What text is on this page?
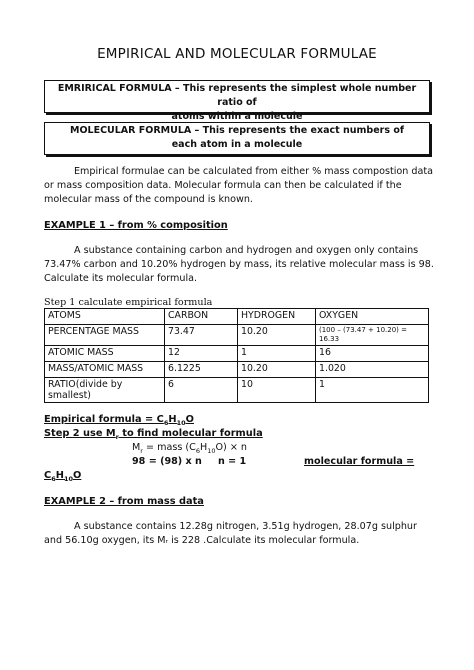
EMPIRICAL AND MOLECULAR FORMULAE
EMRIRICAL FORMULA – This represents the simplest whole number ratio of
atoms within a molecule
MOLECULAR FORMULA – This represents the exact numbers of
each atom in a molecule
Empirical formulae can be calculated from either % mass compostion data or mass composition data. Molecular formula can then be calculated if the molecular mass of the compound is known.
EXAMPLE 1 – from % composition
A substance containing carbon and hydrogen and oxygen only contains 73.47% carbon and 10.20% hydrogen by mass, its relative molecular mass is 98. Calculate its molecular formula.
Step 1 calculate empirical formula
ATOMS	CARBON	HYDROGEN	OXYGEN
PERCENTAGE MASS	73.47	10.20	(100 – (73.47 + 10.20) = 16.33
ATOMIC MASS	12	1	16
MASS/ATOMIC MASS	6.1225	10.20	1.020
RATIO(divide by smallest)	6	10	1
Empirical formula = $C_6H_{10}O$
Step 2 use $M_r$ to find molecular formula
$M_r$ = mass $(C_6H_{10}O) \times n$
98 = (98) x n n = 1	molecular formula =
$C_6H_{10}O$
EXAMPLE 2 – from mass data
A substance contains 12.28g nitrogen, 3.51g hydrogen, 28.07g sulphur and 56.10g oxygen, its Mᵣ is 228 .Calculate its molecular formula.
